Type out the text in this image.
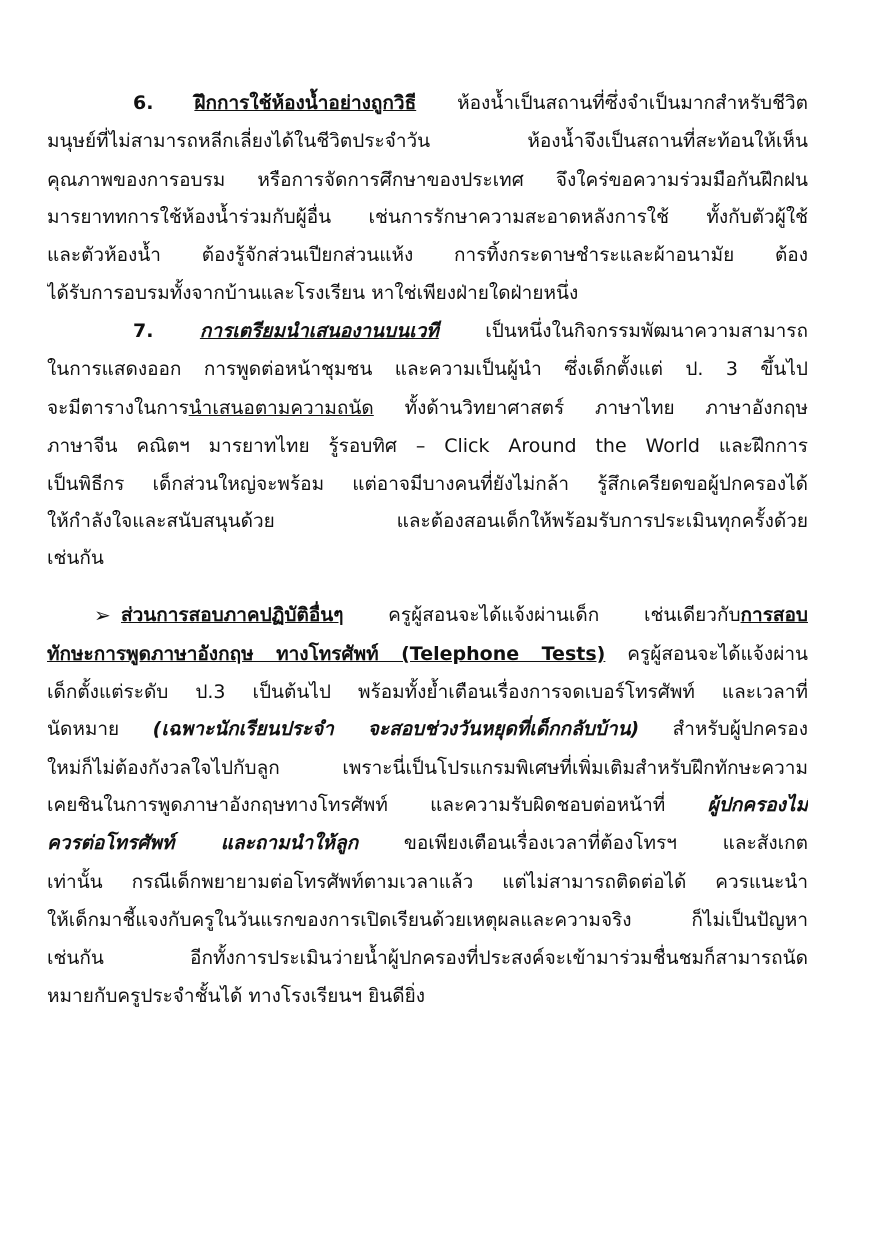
6. ฝึกการใช้ห้องน้ำอย่างถูกวิธี ห้องน้ำเป็นสถานที่ซึ่งจำเป็นมากสำหรับชีวิต
มนุษย์ที่ไม่สามารถหลีกเลี่ยงได้ในชีวิตประจำวัน ห้องน้ำจึงเป็นสถานที่สะท้อนให้เห็น
คุณภาพของการอบรม หรือการจัดการศึกษาของประเทศ จึงใคร่ขอความร่วมมือกันฝึกฝน
มารยาททการใช้ห้องน้ำร่วมกับผู้อื่น เช่นการรักษาความสะอาดหลังการใช้ ทั้งกับตัวผู้ใช้
และตัวห้องน้ำ ต้องรู้จักส่วนเปียกส่วนแห้ง การทิ้งกระดาษชำระและผ้าอนามัย ต้อง
ได้รับการอบรมทั้งจากบ้านและโรงเรียน หาใช่เพียงฝ่ายใดฝ่ายหนึ่ง
7. การเตรียมนำเสนองานบนเวที เป็นหนึ่งในกิจกรรมพัฒนาความสามารถ
ในการแสดงออก การพูดต่อหน้าชุมชน และความเป็นผู้นำ ซึ่งเด็กตั้งแต่ ป. 3 ขึ้นไป
จะมีตารางในการนำเสนอตามความถนัด ทั้งด้านวิทยาศาสตร์ ภาษาไทย ภาษาอังกฤษ
ภาษาจีน คณิตฯ มารยาทไทย รู้รอบทิศ – Click Around the World และฝึกการ
เป็นพิธีกร เด็กส่วนใหญ่จะพร้อม แต่อาจมีบางคนที่ยังไม่กล้า รู้สึกเครียดขอผู้ปกครองได้
ให้กำลังใจและสนับสนุนด้วย และต้องสอนเด็กให้พร้อมรับการประเมินทุกครั้งด้วย
เช่นกัน
➢ ส่วนการสอบภาคปฏิบัติอื่นๆ ครูผู้สอนจะได้แจ้งผ่านเด็ก เช่นเดียวกับการสอบ
ทักษะการพูดภาษาอังกฤษ ทางโทรศัพท์ (Telephone Tests) ครูผู้สอนจะได้แจ้งผ่าน
เด็กตั้งแต่ระดับ ป.3 เป็นต้นไป พร้อมทั้งย้ำเตือนเรื่องการจดเบอร์โทรศัพท์ และเวลาที่
นัดหมาย (เฉพาะนักเรียนประจำ จะสอบช่วงวันหยุดที่เด็กกลับบ้าน) สำหรับผู้ปกครอง
ใหม่ก็ไม่ต้องกังวลใจไปกับลูก เพราะนี่เป็นโปรแกรมพิเศษที่เพิ่มเติมสำหรับฝึกทักษะความ
เคยชินในการพูดภาษาอังกฤษทางโทรศัพท์ และความรับผิดชอบต่อหน้าที่ ผู้ปกครองไม่
ควรต่อโทรศัพท์ และถามนำให้ลูก ขอเพียงเตือนเรื่องเวลาที่ต้องโทรฯ และสังเกต
เท่านั้น กรณีเด็กพยายามต่อโทรศัพท์ตามเวลาแล้ว แต่ไม่สามารถติดต่อได้ ควรแนะนำ
ให้เด็กมาชี้แจงกับครูในวันแรกของการเปิดเรียนด้วยเหตุผลและความจริง ก็ไม่เป็นปัญหา
เช่นกัน อีกทั้งการประเมินว่ายน้ำผู้ปกครองที่ประสงค์จะเข้ามาร่วมชื่นชมก็สามารถนัด
หมายกับครูประจำชั้นได้ ทางโรงเรียนฯ ยินดียิ่ง
